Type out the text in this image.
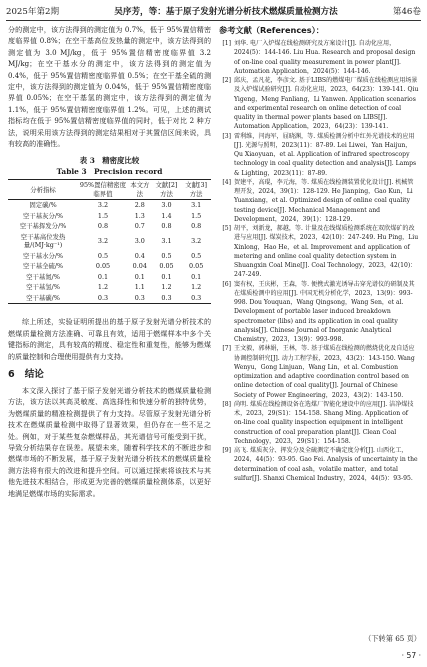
2025年第2期	吴序芳，等：基于原子发射光谱分析技术燃煤质量检测方法	第46卷

分的测定中，该方法得到的测定值为 0.7%，低于 95%置信精密度临界值 0.8%；在空干基高位发热量的测定中，该方法得到的测定值为 3.0 MJ/kg，低于 95%置信精密度临界值 3.2 MJ/kg；在空干基水分的测定中，该方法得到的测定值为 0.4%，低于 95%置信精密度临界值 0.5%；在空干基全硫的测定中，该方法得到的测定值为 0.04%，低于 95%置信精密度临界值 0.05%；在空干基氢的测定中，该方法得到的测定值为 1.1%，低于 95%置信精密度临界值 1.2%。可见，上述的测试指标均在低于 95%置信精密度临界值的同时，低于对比 2 种方法，说明采用该方法得到的测定结果相对于其置信区间来说，具有较高的准确性。

表 3　精密度比较
Table 3　Precision record
分析指标	95%置信精密度临界值	本文方法	文献[2]方法	文献[3]方法
固定碳/%	3.2	2.8	3.0	3.1
空干基灰分/%	1.5	1.3	1.4	1.5
空干基挥发分/%	0.8	0.7	0.8	0.8
空干基高位发热量/(MJ·kg⁻¹)	3.2	3.0	3.1	3.2
空干基水分/%	0.5	0.4	0.5	0.5
空干基全硫/%	0.05	0.04	0.05	0.05
空干基氮/%	0.1	0.1	0.1	0.1
空干基氢/%	1.2	1.1	1.2	1.2
空干基碳/%	0.3	0.3	0.3	0.3

综上所述，实验证明所提出的基于原子发射光谱分析技术的燃煤质量检测方法准确、可靠且有效，适用于燃煤样本中多个关键指标的测定，具有较高的精度、稳定性和重复性，能够为燃煤的质量控制和合理使用提供有力支持。

6 结论

本文深入探讨了基于原子发射光谱分析技术的燃煤质量检测方法，该方法以其高灵敏度、高选择性和快速分析的独特优势，为燃煤质量的精准检测提供了有力支持。尽管原子发射光谱分析技术在燃煤质量检测中取得了显著效果，但仍存在一些不足之处。例如，对于某些复杂燃煤样品，其光谱信号可能受到干扰，导致分析结果存在误差。展望未来，随着科学技术的不断进步和燃煤市场的不断发展，基于原子发射光谱分析技术的燃煤质量检测方法将有很大的改进和提升空间。可以通过探索将该技术与其他先进技术相结合，形成更为完善的燃煤质量检测体系，以更好地满足燃煤市场的实际需求。

参考文献（References）：
[1] 刘华. 电厂入炉煤在线检测研究及方案设计[J]. 自动化应用，2024(5)：144-146. Liu Hua. Research and proposal design of on-line coal quality measurement in power plant[J]. Automation Application，2024(5)：144-146.
[2] 邱庆，孟凡花，李彦文. 基于LIBS的燃煤电厂煤质在线检测应用场景及入炉煤试验研究[J]. 自动化应用，2023，64(23)：139-141. Qiu Yigeng，Meng Fanliang，Li Yanwen. Application scenarios and experimental research on online detection of coal quality in thermal power plants based on LIBS[J]. Automation Application，2023，64(23)：139-141.
[3] 雷利维，闫海军，屈晓渊，等. 煤质检测分析中红外光谱技术的应用[J]. 光源与照明，2023(11)：87-89. Lei Liwei，Yan Haijun，Qu Xiaoyuan，et al. Application of infrared spectroscopy technology in coal quality detection and analysis[J]. Lamps & Lighting，2023(11)：87-89.
[4] 贺建平，高琨，李元海，等. 煤质在线检测装置优化设计[J]. 机械管理开发，2024，39(1)：128-129. He Jianping，Gao Kun，Li Yuanxiang，et al. Optimized design of online coal quality testing device[J]. Mechanical Management and Development，2024，39(1)：128-129.
[5] 胡平，刘新龙，郝越，等. 计量及在线煤质检测系统在双欣煤矿的改进与应用[J]. 煤炭技术，2023，42(10)：247-249. Hu Ping，Liu Xinlong，Hao He，et al. Improvement and application of metering and online coal quality detection system in Shuangxin Coal Mine[J]. Coal Technology，2023，42(10)：247-249.
[6] 窦有权，王庆彬，王森，等. 便携式激光诱导击穿光谱仪的研制及其在煤质检测中的应用[J]. 中国无机分析化学，2023，13(9)：993-998. Dou Youquan，Wang Qingsong，Wang Sen，et al. Development of portable laser induced breakdown spectrometer (libs) and its application in coal quality analysis[J]. Chinese Journal of Inorganic Analytical Chemistry，2023，13(9)：993-998.
[7] 王文毅，郭林娟，王林，等. 基于煤质在线检测的燃烧优化及自适应协调控制研究[J]. 动力工程学报，2023，43(2)：143-150. Wang Wenyu，Gong Linjuan，Wang Lin，et al. Combustion optimization and adaptive coordination control based on online detection of coal quality[J]. Journal of Chinese Society of Power Engineering，2023，43(2)：143-150.
[8] 尚明. 煤质在线检测设备在选煤厂智能化建设中的应用[J]. 洁净煤技术，2023，29(S1)：154-158. Shang Ming. Application of on-line coal quality inspection equipment in intelligent construction of coal preparation plant[J]. Clean Coal Technology，2023，29(S1)：154-158.
[9] 高飞. 煤质灰分、挥发分及全硫测定不确定度分析[J]. 山西化工，2024，44(5)：93-95. Gao Fei. Analysis of uncertainty in the determination of coal ash，volatile matter，and total sulfur[J]. Shanxi Chemical Industry，2024，44(5)：93-95.
（下转第 65 页）
· 57 ·
